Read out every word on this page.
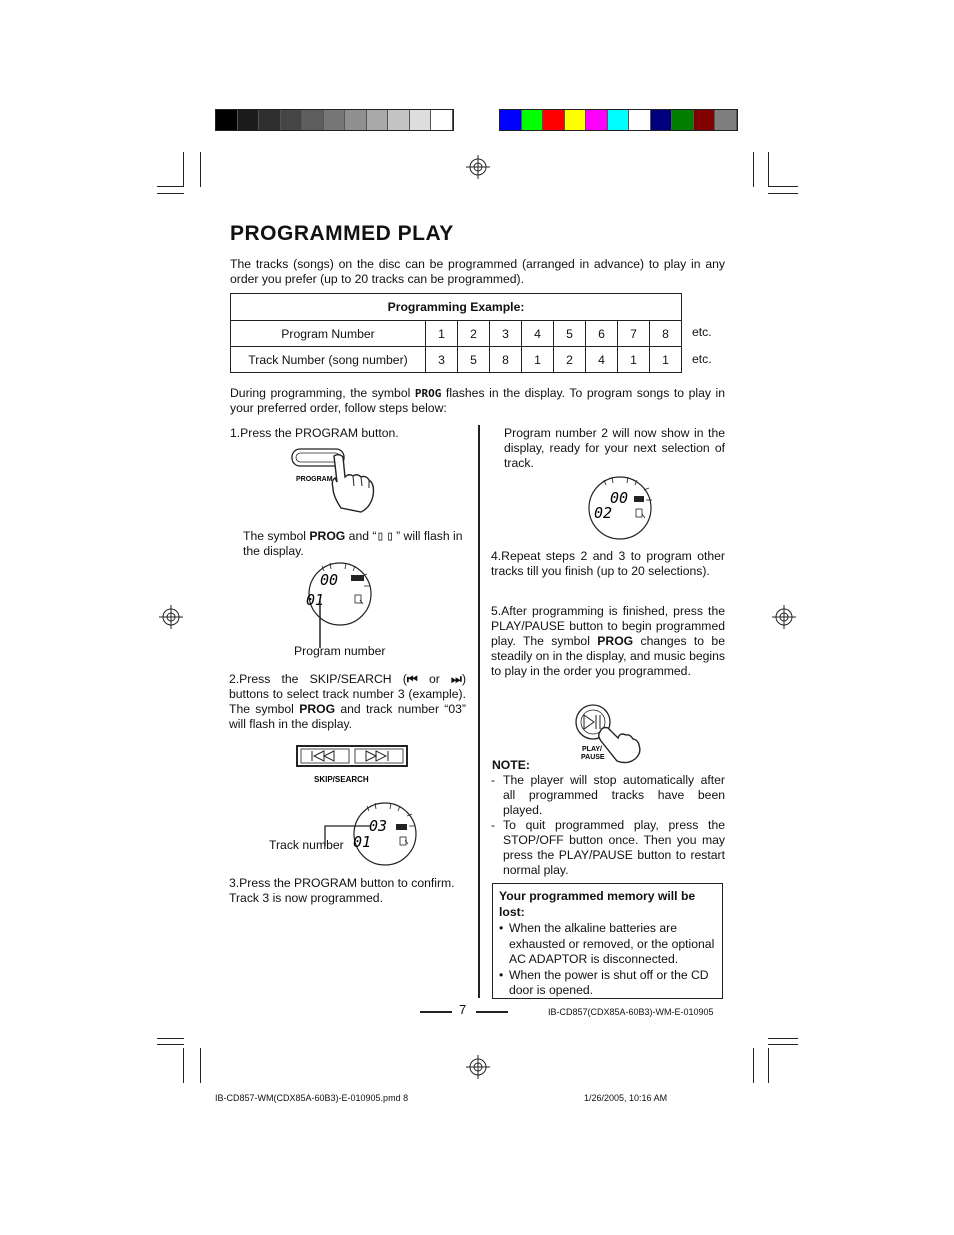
PROGRAMMED PLAY
The tracks (songs) on the disc can be programmed (arranged in advance) to play in any order you prefer (up to 20 tracks can be programmed).
Programming Example:								
Program Number	1	2	3	4	5	6	7	8
Track Number (song number)	3	5	8	1	2	4	1	1
etc.
etc.
During programming, the symbol PROG flashes in the display. To program songs to play in your preferred order, follow steps below:
1.Press the PROGRAM button.
PROGRAM
The symbol PROG and “▯▯” will flash in the display.
00
01
Program number
2.Press the SKIP/SEARCH (⏮ or ⏭) buttons to select track number 3 (example). The symbol PROG and track number “03” will flash in the display.
SKIP/SEARCH
03
01
Track number
3.Press the PROGRAM button to confirm. Track 3 is now programmed.
Program number 2 will now show in the display, ready for your next selection of track.
00
02
4.Repeat steps 2 and 3 to program other tracks till you finish (up to 20 selections).
5.After programming is finished, press the PLAY/PAUSE button to begin programmed play. The symbol PROG changes to be steadily on in the display, and music begins to play in the order you programmed.
PLAY/
PAUSE
NOTE:
- The player will stop automatically after all programmed tracks have been played.
- To quit programmed play, press the STOP/OFF button once. Then you may press the PLAY/PAUSE button to restart normal play.
Your programmed memory will be lost:
• When the alkaline batteries are exhausted or removed, or the optional AC ADAPTOR is disconnected.
• When the power is shut off or the CD door is opened.
7	IB-CD857(CDX85A-60B3)-WM-E-010905
IB-CD857-WM(CDX85A-60B3)-E-010905.pmd 8	1/26/2005, 10:16 AM
